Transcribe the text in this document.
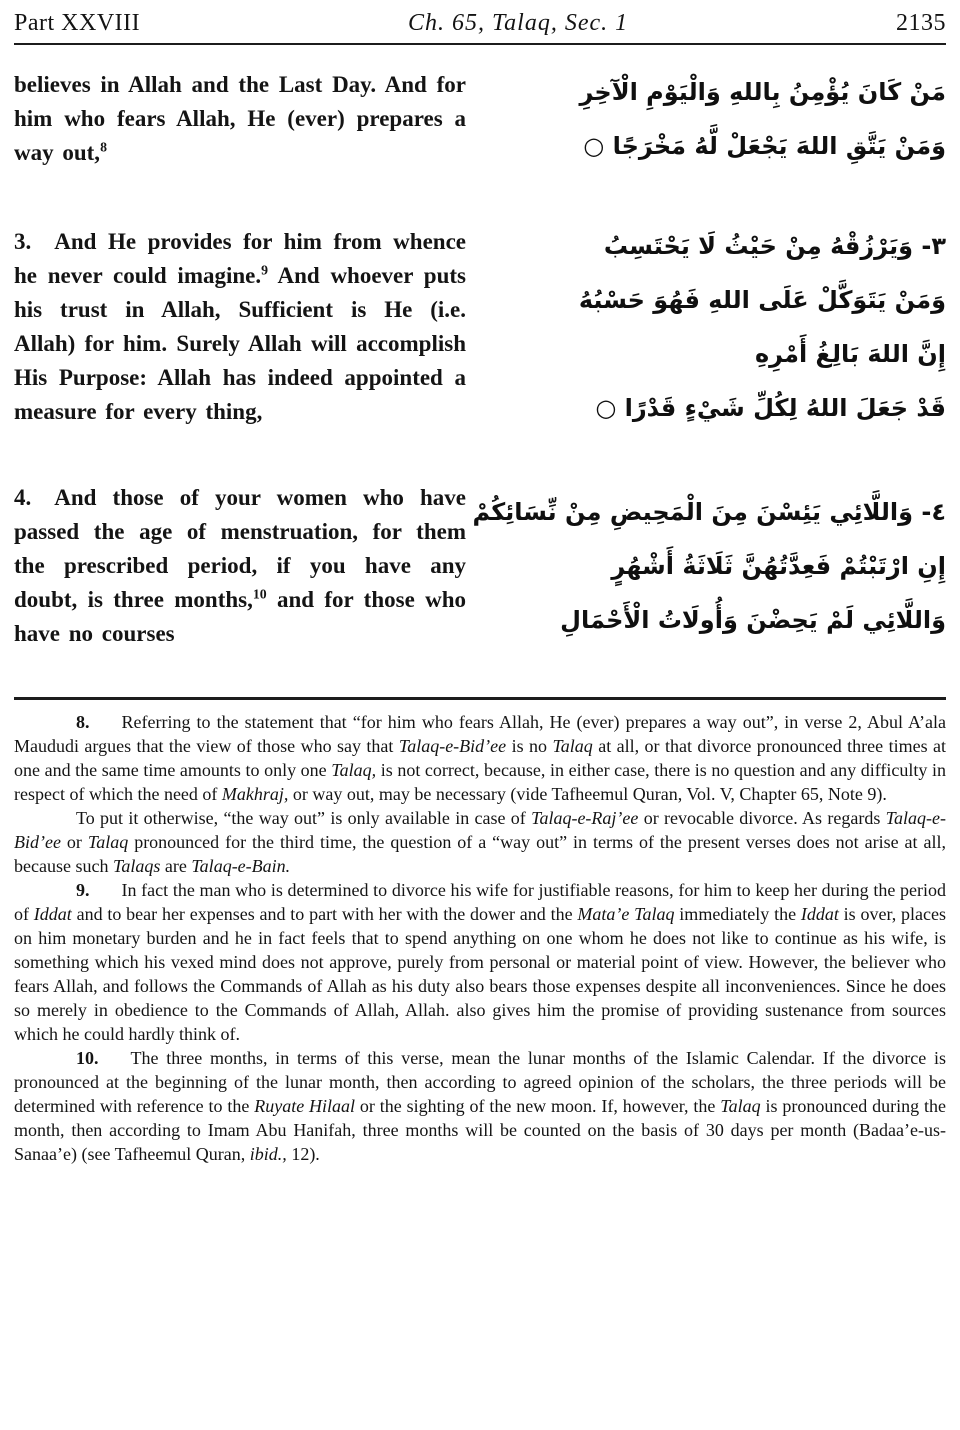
Part XXVIII	Ch. 65, Talaq, Sec. 1	2135
believes in Allah and the Last Day. And for him who fears Allah, He (ever) prepares a way out,$^8$
مَنْ كَانَ يُؤْمِنُ بِاللهِ وَالْيَوْمِ الْآخِرِ
وَمَنْ يَتَّقِ اللهَ يَجْعَلْ لَّهُ مَخْرَجًا ○
3. And He provides for him from whence he never could imagine.$^9$ And whoever puts his trust in Allah, Sufficient is He (i.e. Allah) for him. Surely Allah will accomplish His Purpose: Allah has indeed appointed a measure for every thing,
٣- وَيَرْزُقْهُ مِنْ حَيْثُ لَا يَحْتَسِبُ
وَمَنْ يَتَوَكَّلْ عَلَى اللهِ فَهُوَ حَسْبُهُ
إِنَّ اللهَ بَالِغُ أَمْرِهِ
قَدْ جَعَلَ اللهُ لِكُلِّ شَيْءٍ قَدْرًا ○
4. And those of your women who have passed the age of menstruation, for them the prescribed period, if you have any doubt, is three months,$^{10}$ and for those who have no courses
٤- وَاللَّائِي يَئِسْنَ مِنَ الْمَحِيضِ مِنْ نِّسَائِكُمْ
إِنِ ارْتَبْتُمْ فَعِدَّتُهُنَّ ثَلَاثَةُ أَشْهُرٍ
وَاللَّائِي لَمْ يَحِضْنَ وَأُولَاتُ الْأَحْمَالِ

8. Referring to the statement that “for him who fears Allah, He (ever) prepares a way out”, in verse 2, Abul A’ala Maududi argues that the view of those who say that Talaq-e-Bid’ee is no Talaq at all, or that divorce pronounced three times at one and the same time amounts to only one Talaq, is not correct, because, in either case, there is no question and any difficulty in respect of which the need of Makhraj, or way out, may be necessary (vide Tafheemul Quran, Vol. V, Chapter 65, Note 9).

To put it otherwise, “the way out” is only available in case of Talaq-e-Raj’ee or revocable divorce. As regards Talaq-e-Bid’ee or Talaq pronounced for the third time, the question of a “way out” in terms of the present verses does not arise at all, because such Talaqs are Talaq-e-Bain.

9. In fact the man who is determined to divorce his wife for justifiable reasons, for him to keep her during the period of Iddat and to bear her expenses and to part with her with the dower and the Mata’e Talaq immediately the Iddat is over, places on him monetary burden and he in fact feels that to spend anything on one whom he does not like to continue as his wife, is something which his vexed mind does not approve, purely from personal or material point of view. However, the believer who fears Allah, and follows the Commands of Allah as his duty also bears those expenses despite all inconveniences. Since he does so merely in obedience to the Commands of Allah, Allah. also gives him the promise of providing sustenance from sources which he could hardly think of.

10. The three months, in terms of this verse, mean the lunar months of the Islamic Calendar. If the divorce is pronounced at the beginning of the lunar month, then according to agreed opinion of the scholars, the three periods will be determined with reference to the Ruyate Hilaal or the sighting of the new moon. If, however, the Talaq is pronounced during the month, then according to Imam Abu Hanifah, three months will be counted on the basis of 30 days per month (Badaa’e-us-Sanaa’e) (see Tafheemul Quran, ibid., 12).
